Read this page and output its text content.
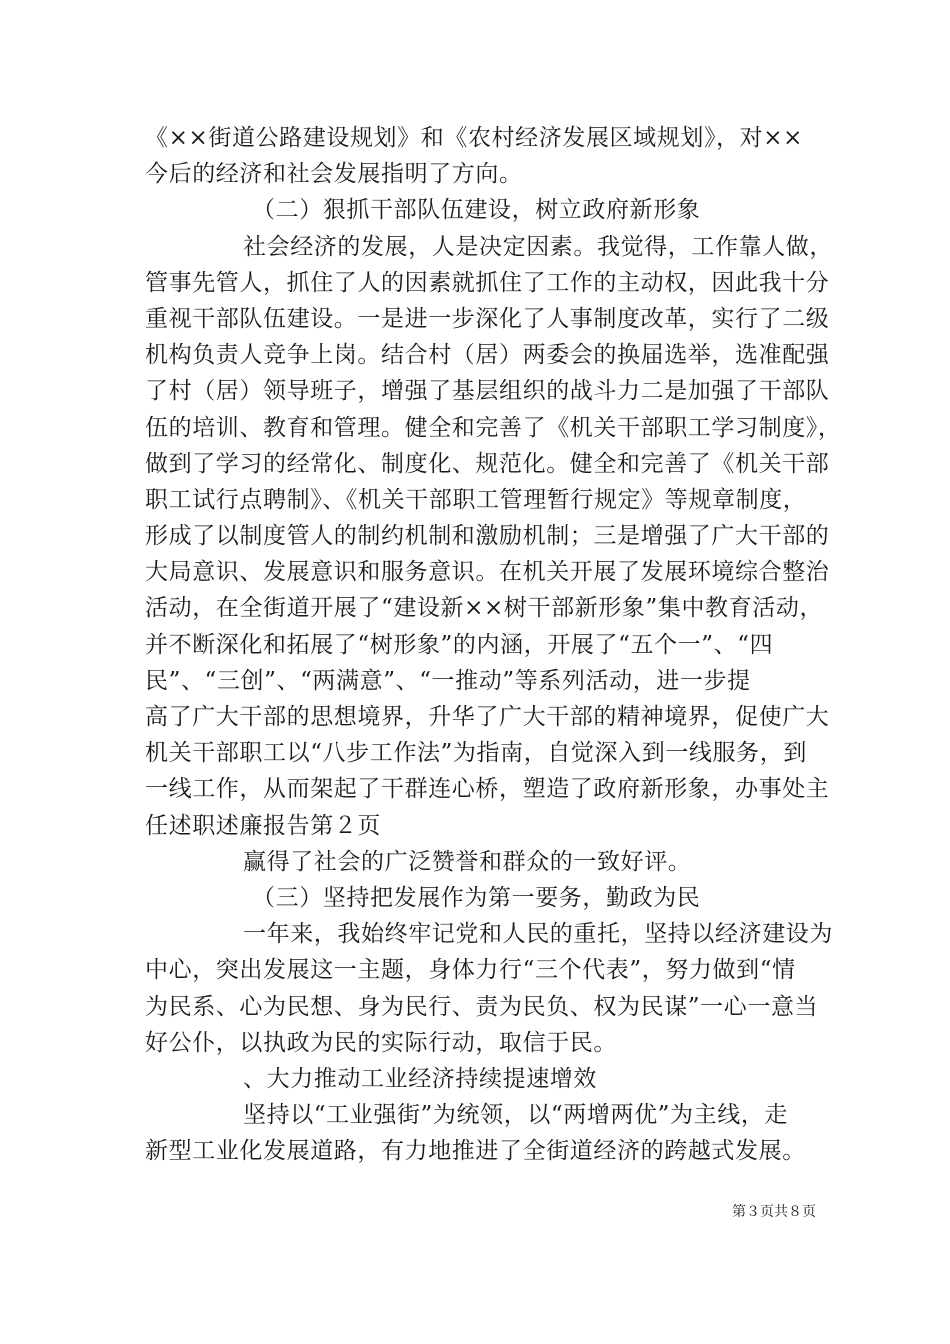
《××街道公路建设规划》和《农村经济发展区域规划》，对××
今后的经济和社会发展指明了方向。
（二）狠抓干部队伍建设，树立政府新形象
社会经济的发展，人是决定因素。我觉得，工作靠人做，
管事先管人，抓住了人的因素就抓住了工作的主动权，因此我十分
重视干部队伍建设。一是进一步深化了人事制度改革，实行了二级
机构负责人竞争上岗。结合村（居）两委会的换届选举，选准配强
了村（居）领导班子，增强了基层组织的战斗力二是加强了干部队
伍的培训、教育和管理。健全和完善了《机关干部职工学习制度》，
做到了学习的经常化、制度化、规范化。健全和完善了《机关干部
职工试行点聘制》、《机关干部职工管理暂行规定》等规章制度，
形成了以制度管人的制约机制和激励机制；三是增强了广大干部的
大局意识、发展意识和服务意识。在机关开展了发展环境综合整治
活动，在全街道开展了“建设新××树干部新形象”集中教育活动，
并不断深化和拓展了“树形象”的内涵，开展了“五个一”、“四
民”、“三创”、“两满意”、“一推动”等系列活动，进一步提
高了广大干部的思想境界，升华了广大干部的精神境界，促使广大
机关干部职工以“八步工作法”为指南，自觉深入到一线服务，到
一线工作，从而架起了干群连心桥，塑造了政府新形象，办事处主
任述职述廉报告第２页
赢得了社会的广泛赞誉和群众的一致好评。
（三）坚持把发展作为第一要务，勤政为民
一年来，我始终牢记党和人民的重托，坚持以经济建设为
中心，突出发展这一主题，身体力行“三个代表”，努力做到“情
为民系、心为民想、身为民行、责为民负、权为民谋”一心一意当
好公仆，以执政为民的实际行动，取信于民。
、大力推动工业经济持续提速增效
坚持以“工业强街”为统领，以“两增两优”为主线，走
新型工业化发展道路，有力地推进了全街道经济的跨越式发展。
第３页共８页
